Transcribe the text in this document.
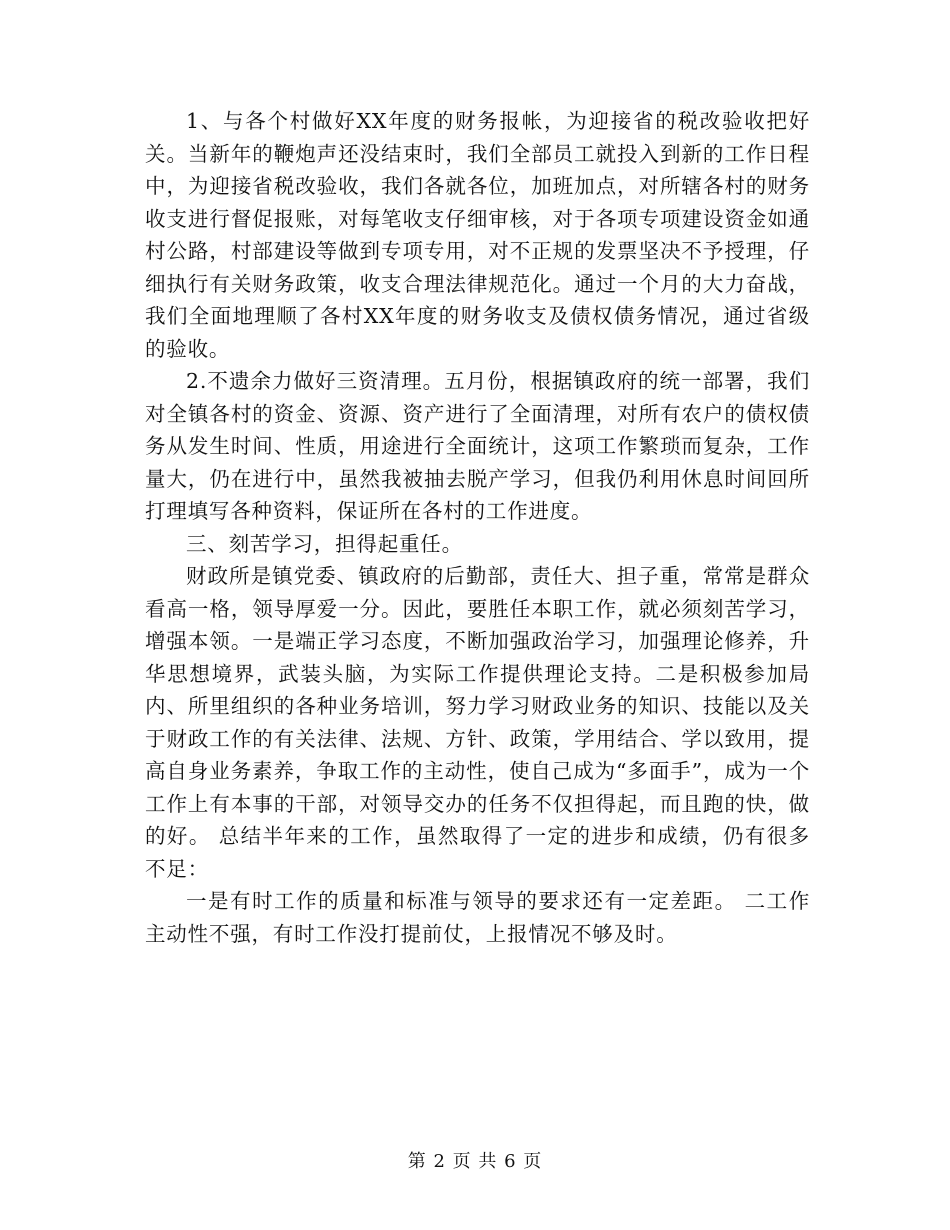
1、与各个村做好XX年度的财务报帐，为迎接省的税改验收把好关。当新年的鞭炮声还没结束时，我们全部员工就投入到新的工作日程中，为迎接省税改验收，我们各就各位，加班加点，对所辖各村的财务收支进行督促报账，对每笔收支仔细审核，对于各项专项建设资金如通村公路，村部建设等做到专项专用，对不正规的发票坚决不予授理，仔细执行有关财务政策，收支合理法律规范化。通过一个月的大力奋战，我们全面地理顺了各村XX年度的财务收支及债权债务情况，通过省级的验收。

2.不遗余力做好三资清理。五月份，根据镇政府的统一部署，我们对全镇各村的资金、资源、资产进行了全面清理，对所有农户的债权债务从发生时间、性质，用途进行全面统计，这项工作繁琐而复杂，工作量大，仍在进行中，虽然我被抽去脱产学习，但我仍利用休息时间回所打理填写各种资料，保证所在各村的工作进度。

三、刻苦学习，担得起重任。

财政所是镇党委、镇政府的后勤部，责任大、担子重，常常是群众看高一格，领导厚爱一分。因此，要胜任本职工作，就必须刻苦学习，增强本领。一是端正学习态度，不断加强政治学习，加强理论修养，升华思想境界，武装头脑，为实际工作提供理论支持。二是积极参加局内、所里组织的各种业务培训，努力学习财政业务的知识、技能以及关于财政工作的有关法律、法规、方针、政策，学用结合、学以致用，提高自身业务素养，争取工作的主动性，使自己成为“多面手”，成为一个工作上有本事的干部，对领导交办的任务不仅担得起，而且跑的快，做的好。 总结半年来的工作，虽然取得了一定的进步和成绩，仍有很多不足：

一是有时工作的质量和标准与领导的要求还有一定差距。 二工作主动性不强，有时工作没打提前仗，上报情况不够及时。

第 2 页 共 6 页
